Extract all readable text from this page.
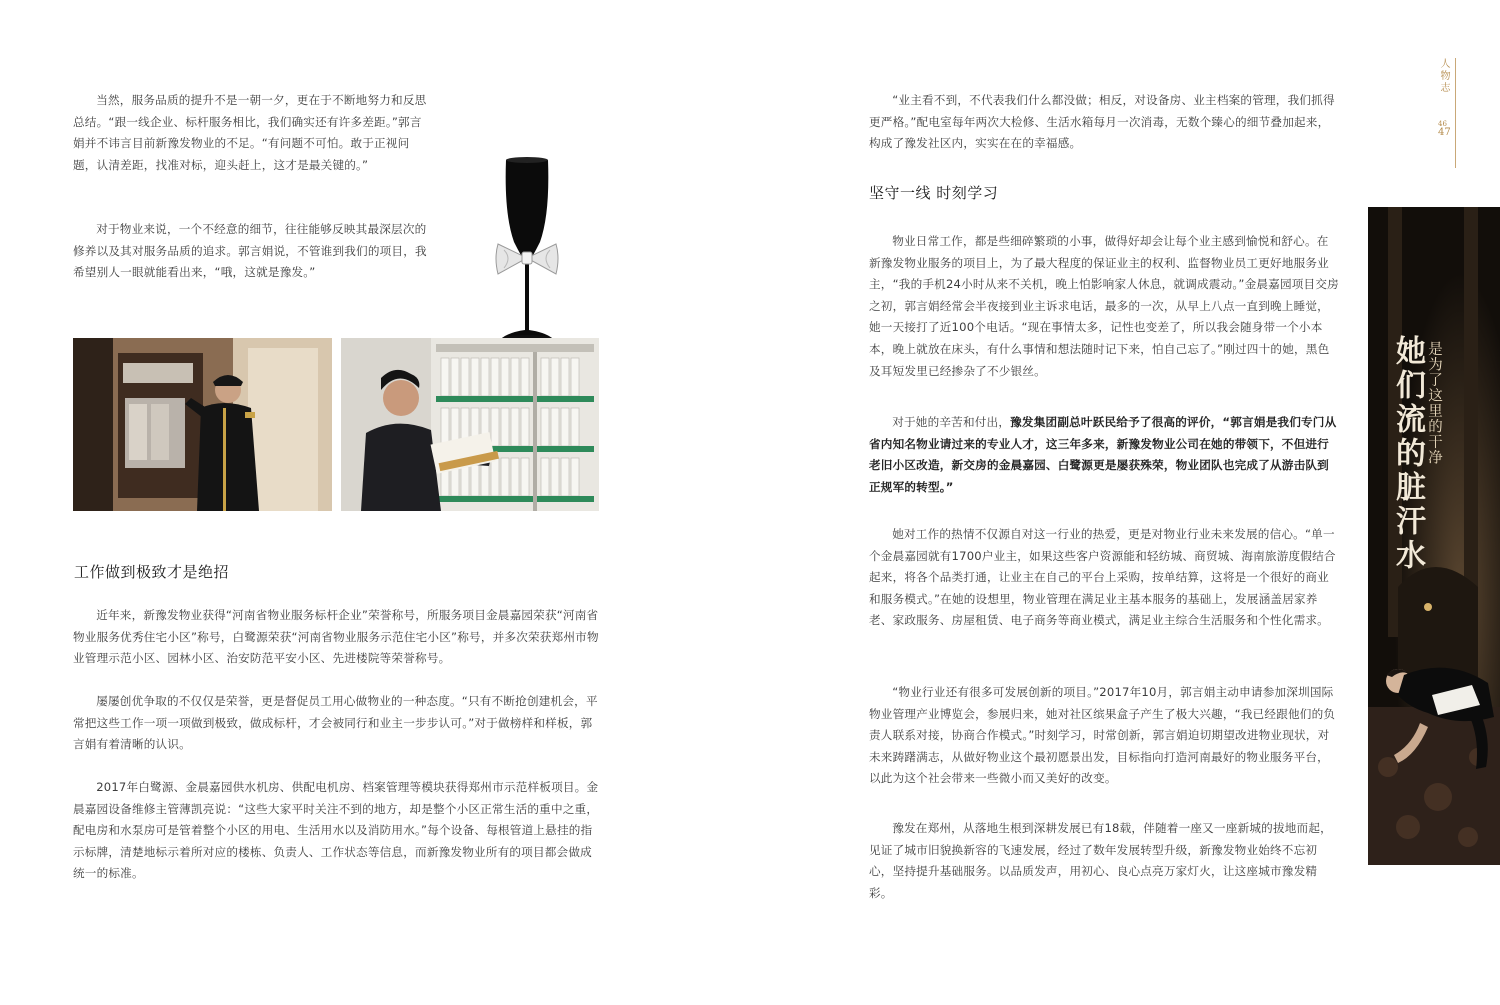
当然，服务品质的提升不是一朝一夕，更在于不断地努力和反思总结。“跟一线企业、标杆服务相比，我们确实还有许多差距。”郭言娟并不讳言目前新豫发物业的不足。“有问题不可怕。敢于正视问题，认清差距，找准对标，迎头赶上，这才是最关键的。”

对于物业来说，一个不经意的细节，往往能够反映其最深层次的修养以及其对服务品质的追求。郭言娟说，不管谁到我们的项目，我希望别人一眼就能看出来，“哦，这就是豫发。”

工作做到极致才是绝招

近年来，新豫发物业获得“河南省物业服务标杆企业”荣誉称号，所服务项目金晨嘉园荣获“河南省物业服务优秀住宅小区”称号，白鹭源荣获“河南省物业服务示范住宅小区”称号，并多次荣获郑州市物业管理示范小区、园林小区、治安防范平安小区、先进楼院等荣誉称号。

屡屡创优争取的不仅仅是荣誉，更是督促员工用心做物业的一种态度。“只有不断抢创建机会，平常把这些工作一项一项做到极致，做成标杆，才会被同行和业主一步步认可。”对于做榜样和样板，郭言娟有着清晰的认识。

2017年白鹭源、金晨嘉园供水机房、供配电机房、档案管理等模块获得郑州市示范样板项目。金晨嘉园设备维修主管薄凯亮说：“这些大家平时关注不到的地方，却是整个小区正常生活的重中之重，配电房和水泵房可是管着整个小区的用电、生活用水以及消防用水。”每个设备、每根管道上悬挂的指示标牌，清楚地标示着所对应的楼栋、负责人、工作状态等信息，而新豫发物业所有的项目都会做成统一的标准。

“业主看不到，不代表我们什么都没做；相反，对设备房、业主档案的管理，我们抓得更严格。”配电室每年两次大检修、生活水箱每月一次消毒，无数个臻心的细节叠加起来，构成了豫发社区内，实实在在的幸福感。

坚守一线 时刻学习

物业日常工作，都是些细碎繁琐的小事，做得好却会让每个业主感到愉悦和舒心。在新豫发物业服务的项目上，为了最大程度的保证业主的权利、监督物业员工更好地服务业主，“我的手机24小时从来不关机，晚上怕影响家人休息，就调成震动。”金晨嘉园项目交房之初，郭言娟经常会半夜接到业主诉求电话，最多的一次，从早上八点一直到晚上睡觉，她一天接打了近100个电话。“现在事情太多，记性也变差了，所以我会随身带一个小本本，晚上就放在床头，有什么事情和想法随时记下来，怕自己忘了。”刚过四十的她，黑色及耳短发里已经掺杂了不少银丝。

对于她的辛苦和付出，豫发集团副总叶跃民给予了很高的评价，“郭言娟是我们专门从省内知名物业请过来的专业人才，这三年多来，新豫发物业公司在她的带领下，不但进行老旧小区改造，新交房的金晨嘉园、白鹭源更是屡获殊荣，物业团队也完成了从游击队到正规军的转型。”

她对工作的热情不仅源自对这一行业的热爱，更是对物业行业未来发展的信心。“单一个金晨嘉园就有1700户业主，如果这些客户资源能和轻纺城、商贸城、海南旅游度假结合起来，将各个品类打通，让业主在自己的平台上采购，按单结算，这将是一个很好的商业和服务模式。”在她的设想里，物业管理在满足业主基本服务的基础上，发展涵盖居家养老、家政服务、房屋租赁、电子商务等商业模式，满足业主综合生活服务和个性化需求。

“物业行业还有很多可发展创新的项目。”2017年10月，郭言娟主动申请参加深圳国际物业管理产业博览会，参展归来，她对社区缤果盒子产生了极大兴趣，“我已经跟他们的负责人联系对接，协商合作模式。”时刻学习，时常创新，郭言娟迫切期望改进物业现状，对未来踌躇满志，从做好物业这个最初愿景出发，目标指向打造河南最好的物业服务平台，以此为这个社会带来一些微小而又美好的改变。

豫发在郑州，从落地生根到深耕发展已有18载，伴随着一座又一座新城的拔地而起，见证了城市旧貌换新容的飞速发展，经过了数年发展转型升级，新豫发物业始终不忘初心，坚持提升基础服务。以品质发声，用初心、良心点亮万家灯火，让这座城市豫发精彩。

人物志
46
47
她们流的脏汗水 是为了这里的干净
